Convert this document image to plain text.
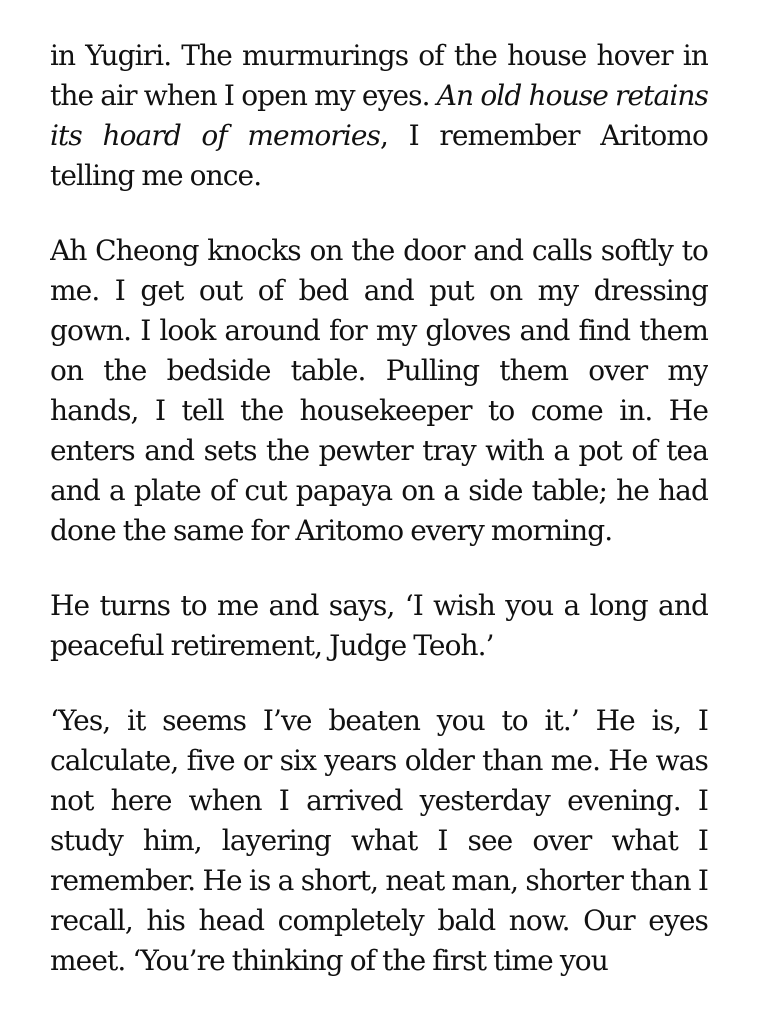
in Yugiri. The murmurings of the house hover in the air when I open my eyes. An old house retains its hoard of memories, I remember Aritomo telling me once.

Ah Cheong knocks on the door and calls softly to me. I get out of bed and put on my dressing gown. I look around for my gloves and find them on the bedside table. Pulling them over my hands, I tell the housekeeper to come in. He enters and sets the pewter tray with a pot of tea and a plate of cut papaya on a side table; he had done the same for Aritomo every morning.

He turns to me and says, ‘I wish you a long and peaceful retirement, Judge Teoh.’

‘Yes, it seems I’ve beaten you to it.’ He is, I calculate, five or six years older than me. He was not here when I arrived yesterday evening. I study him, layering what I see over what I remember. He is a short, neat man, shorter than I recall, his head completely bald now. Our eyes meet. ‘You’re thinking of the first time you
